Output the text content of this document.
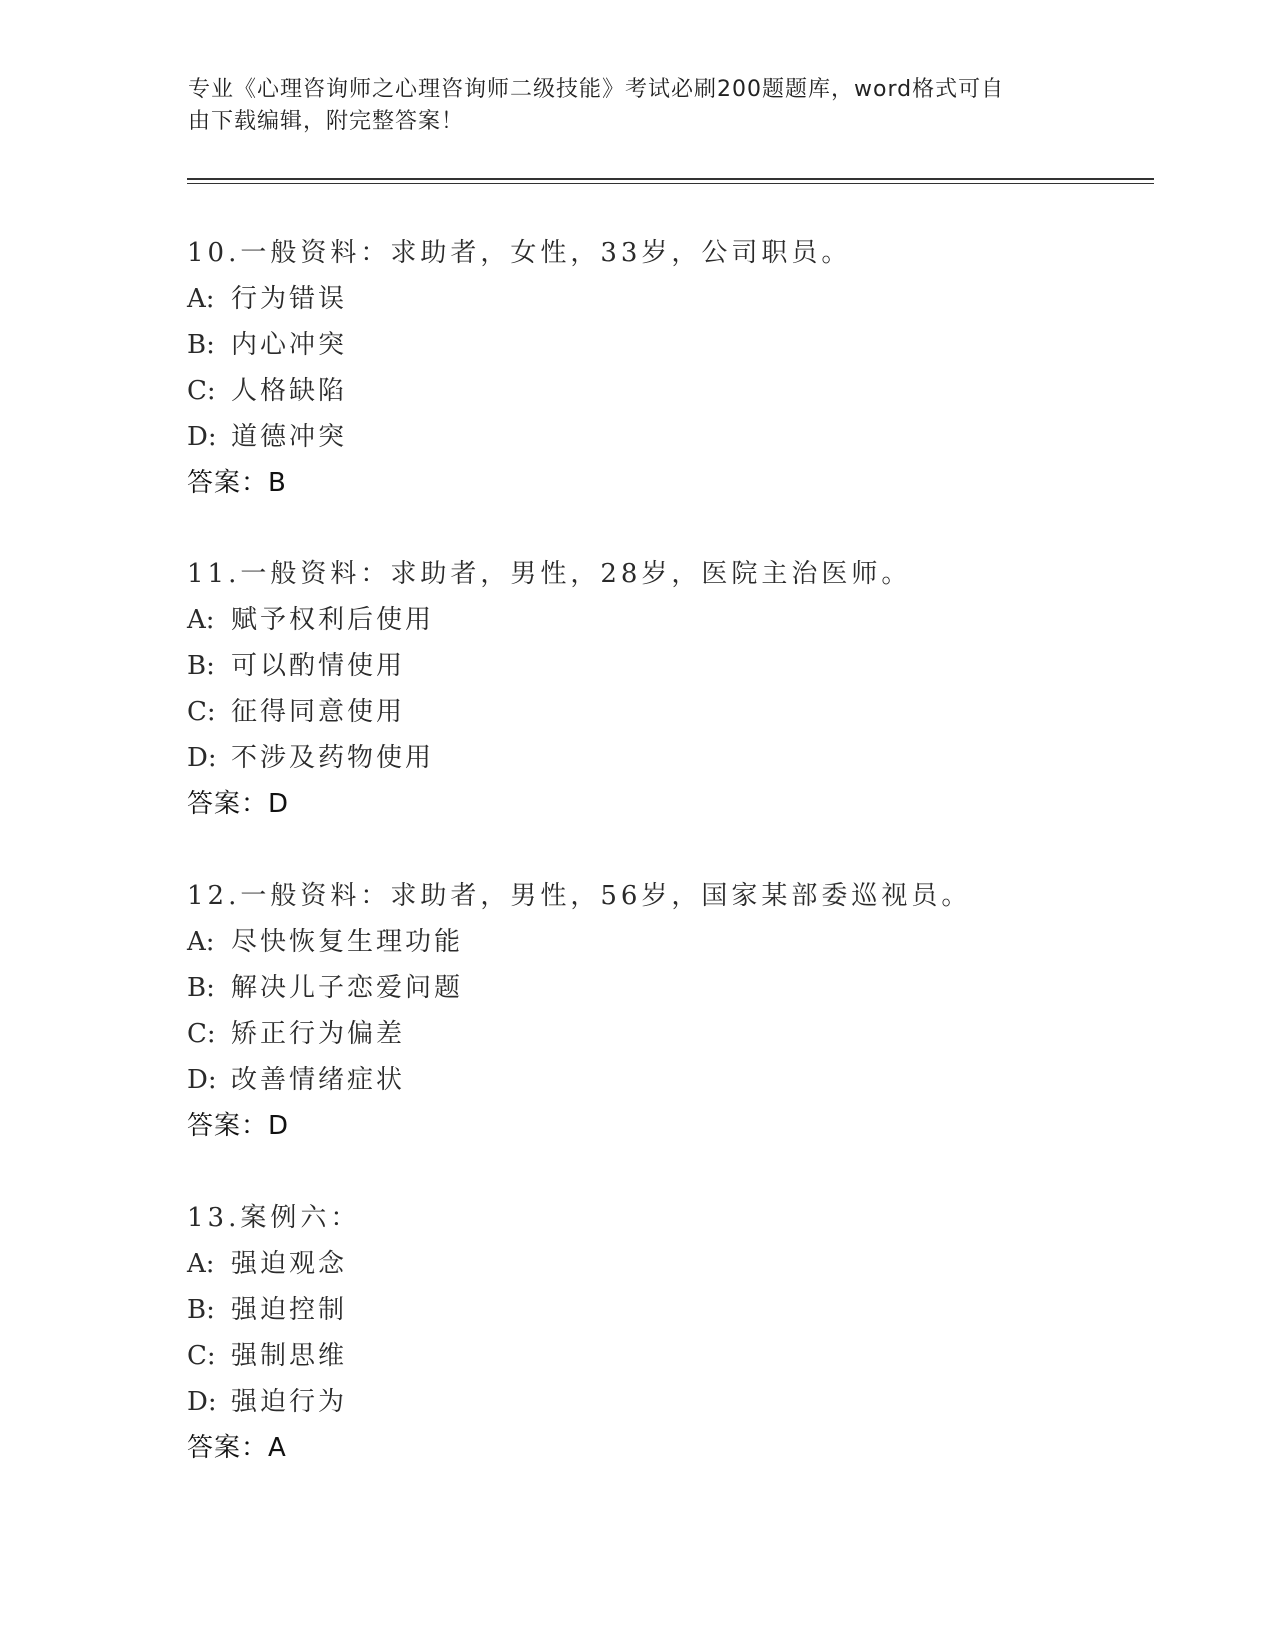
专业《心理咨询师之心理咨询师二级技能》考试必刷200题题库，word格式可自
由下载编辑，附完整答案！
10.一般资料：求助者，女性，33岁，公司职员。
A: 行为错误
B: 内心冲突
C: 人格缺陷
D: 道德冲突
答案：B
11.一般资料：求助者，男性，28岁，医院主治医师。
A: 赋予权利后使用
B: 可以酌情使用
C: 征得同意使用
D: 不涉及药物使用
答案：D
12.一般资料：求助者，男性，56岁，国家某部委巡视员。
A: 尽快恢复生理功能
B: 解决儿子恋爱问题
C: 矫正行为偏差
D: 改善情绪症状
答案：D
13.案例六：
A: 强迫观念
B: 强迫控制
C: 强制思维
D: 强迫行为
答案：A
